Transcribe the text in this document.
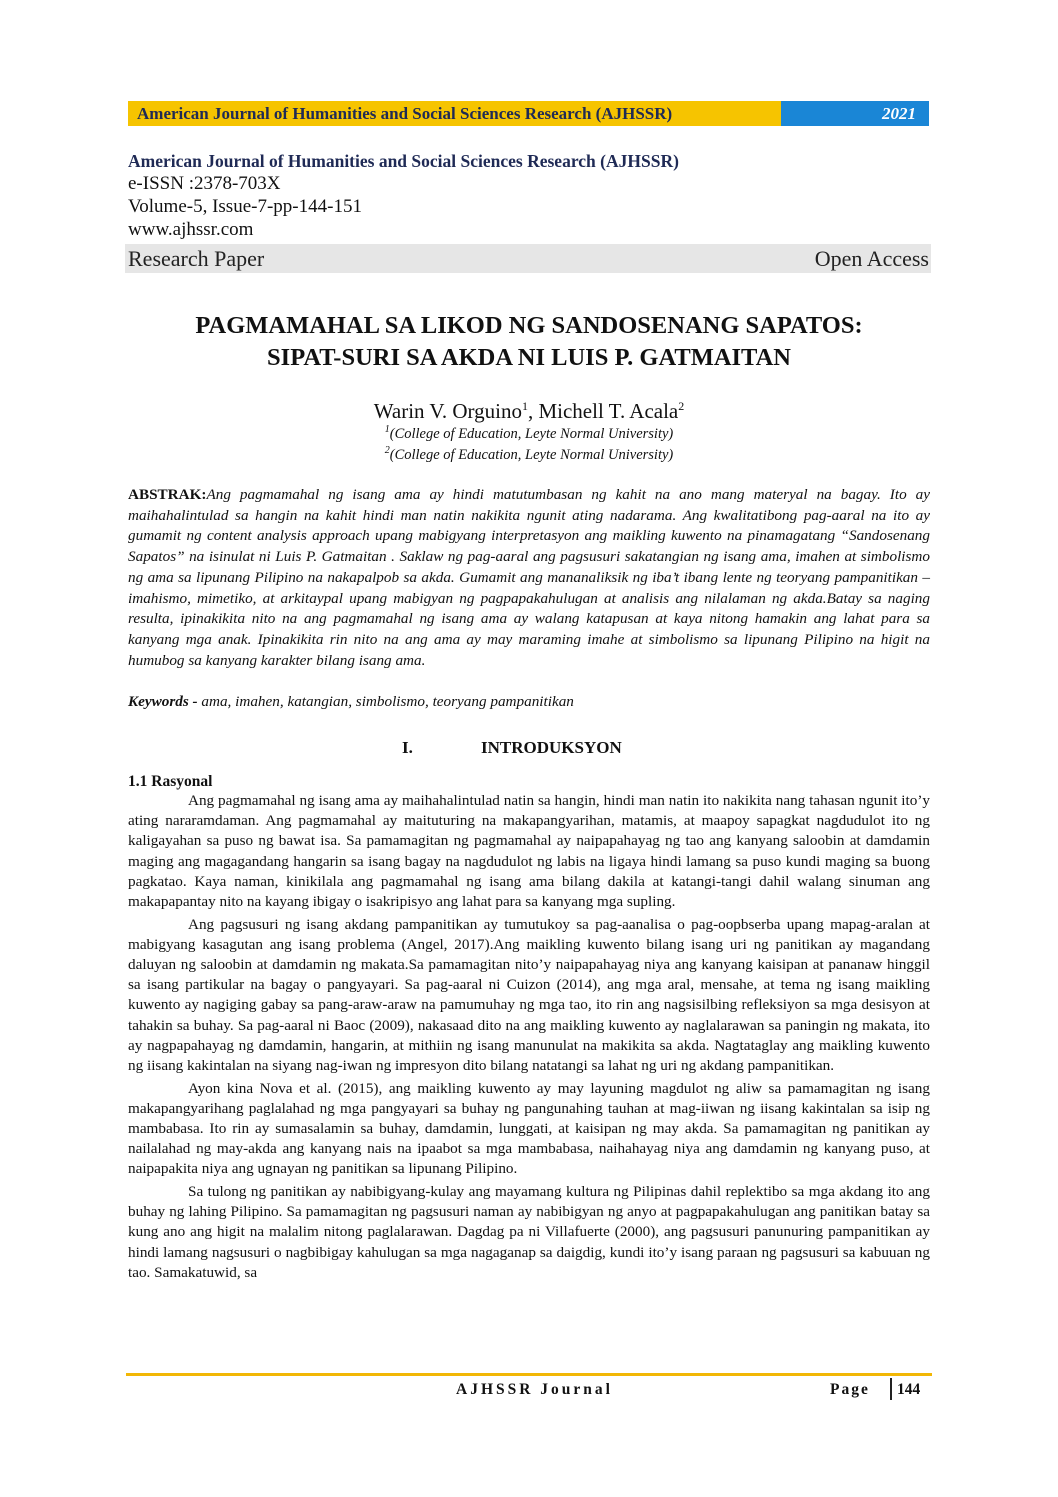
American Journal of Humanities and Social Sciences Research (AJHSSR)	2021
American Journal of Humanities and Social Sciences Research (AJHSSR)
e-ISSN :2378-703X
Volume-5, Issue-7-pp-144-151
www.ajhssr.com
Research Paper	Open Access
PAGMAMAHAL SA LIKOD NG SANDOSENANG SAPATOS:
SIPAT-SURI SA AKDA NI LUIS P. GATMAITAN
Warin V. Orguino$^1$, Michell T. Acala$^2$
$^1$(College of Education, Leyte Normal University)
$^2$(College of Education, Leyte Normal University)
ABSTRAK:Ang pagmamahal ng isang ama ay hindi matutumbasan ng kahit na ano mang materyal na bagay. Ito ay maihahalintulad sa hangin na kahit hindi man natin nakikita ngunit ating nadarama. Ang kwalitatibong pag-aaral na ito ay gumamit ng content analysis approach upang mabigyang interpretasyon ang maikling kuwento na pinamagatang “Sandosenang Sapatos” na isinulat ni Luis P. Gatmaitan . Saklaw ng pag-aaral ang pagsusuri sakatangian ng isang ama, imahen at simbolismo ng ama sa lipunang Pilipino na nakapalpob sa akda. Gumamit ang mananaliksik ng iba’t ibang lente ng teoryang pampanitikan – imahismo, mimetiko, at arkitaypal upang mabigyan ng pagpapakahulugan at analisis ang nilalaman ng akda.Batay sa naging resulta, ipinakikita nito na ang pagmamahal ng isang ama ay walang katapusan at kaya nitong hamakin ang lahat para sa kanyang mga anak. Ipinakikita rin nito na ang ama ay may maraming imahe at simbolismo sa lipunang Pilipino na higit na humubog sa kanyang karakter bilang isang ama.
Keywords - ama, imahen, katangian, simbolismo, teoryang pampanitikan
I.	INTRODUKSYON
1.1 Rasyonal

Ang pagmamahal ng isang ama ay maihahalintulad natin sa hangin, hindi man natin ito nakikita nang tahasan ngunit ito’y ating nararamdaman. Ang pagmamahal ay maituturing na makapangyarihan, matamis, at maapoy sapagkat nagdudulot ito ng kaligayahan sa puso ng bawat isa. Sa pamamagitan ng pagmamahal ay naipapahayag ng tao ang kanyang saloobin at damdamin maging ang magagandang hangarin sa isang bagay na nagdudulot ng labis na ligaya hindi lamang sa puso kundi maging sa buong pagkatao. Kaya naman, kinikilala ang pagmamahal ng isang ama bilang dakila at katangi-tangi dahil walang sinuman ang makapapantay nito na kayang ibigay o isakripisyo ang lahat para sa kanyang mga supling.

Ang pagsusuri ng isang akdang pampanitikan ay tumutukoy sa pag-aanalisa o pag-oopbserba upang mapag-aralan at mabigyang kasagutan ang isang problema (Angel, 2017).Ang maikling kuwento bilang isang uri ng panitikan ay magandang daluyan ng saloobin at damdamin ng makata.Sa pamamagitan nito’y naipapahayag niya ang kanyang kaisipan at pananaw hinggil sa isang partikular na bagay o pangyayari. Sa pag-aaral ni Cuizon (2014), ang mga aral, mensahe, at tema ng isang maikling kuwento ay nagiging gabay sa pang-araw-araw na pamumuhay ng mga tao, ito rin ang nagsisilbing refleksiyon sa mga desisyon at tahakin sa buhay. Sa pag-aaral ni Baoc (2009), nakasaad dito na ang maikling kuwento ay naglalarawan sa paningin ng makata, ito ay nagpapahayag ng damdamin, hangarin, at mithiin ng isang manunulat na makikita sa akda. Nagtataglay ang maikling kuwento ng iisang kakintalan na siyang nag-iwan ng impresyon dito bilang natatangi sa lahat ng uri ng akdang pampanitikan.

Ayon kina Nova et al. (2015), ang maikling kuwento ay may layuning magdulot ng aliw sa pamamagitan ng isang makapangyarihang paglalahad ng mga pangyayari sa buhay ng pangunahing tauhan at mag-iiwan ng iisang kakintalan sa isip ng mambabasa. Ito rin ay sumasalamin sa buhay, damdamin, lunggati, at kaisipan ng may akda. Sa pamamagitan ng panitikan ay nailalahad ng may-akda ang kanyang nais na ipaabot sa mga mambabasa, naihahayag niya ang damdamin ng kanyang puso, at naipapakita niya ang ugnayan ng panitikan sa lipunang Pilipino.

Sa tulong ng panitikan ay nabibigyang-kulay ang mayamang kultura ng Pilipinas dahil replektibo sa mga akdang ito ang buhay ng lahing Pilipino. Sa pamamagitan ng pagsusuri naman ay nabibigyan ng anyo at pagpapakahulugan ang panitikan batay sa kung ano ang higit na malalim nitong paglalarawan. Dagdag pa ni Villafuerte (2000), ang pagsusuri panunuring pampanitikan ay hindi lamang nagsusuri o nagbibigay kahulugan sa mga nagaganap sa daigdig, kundi ito’y isang paraan ng pagsusuri sa kabuuan ng tao. Samakatuwid, sa

AJHSSR Journal	Page 144
